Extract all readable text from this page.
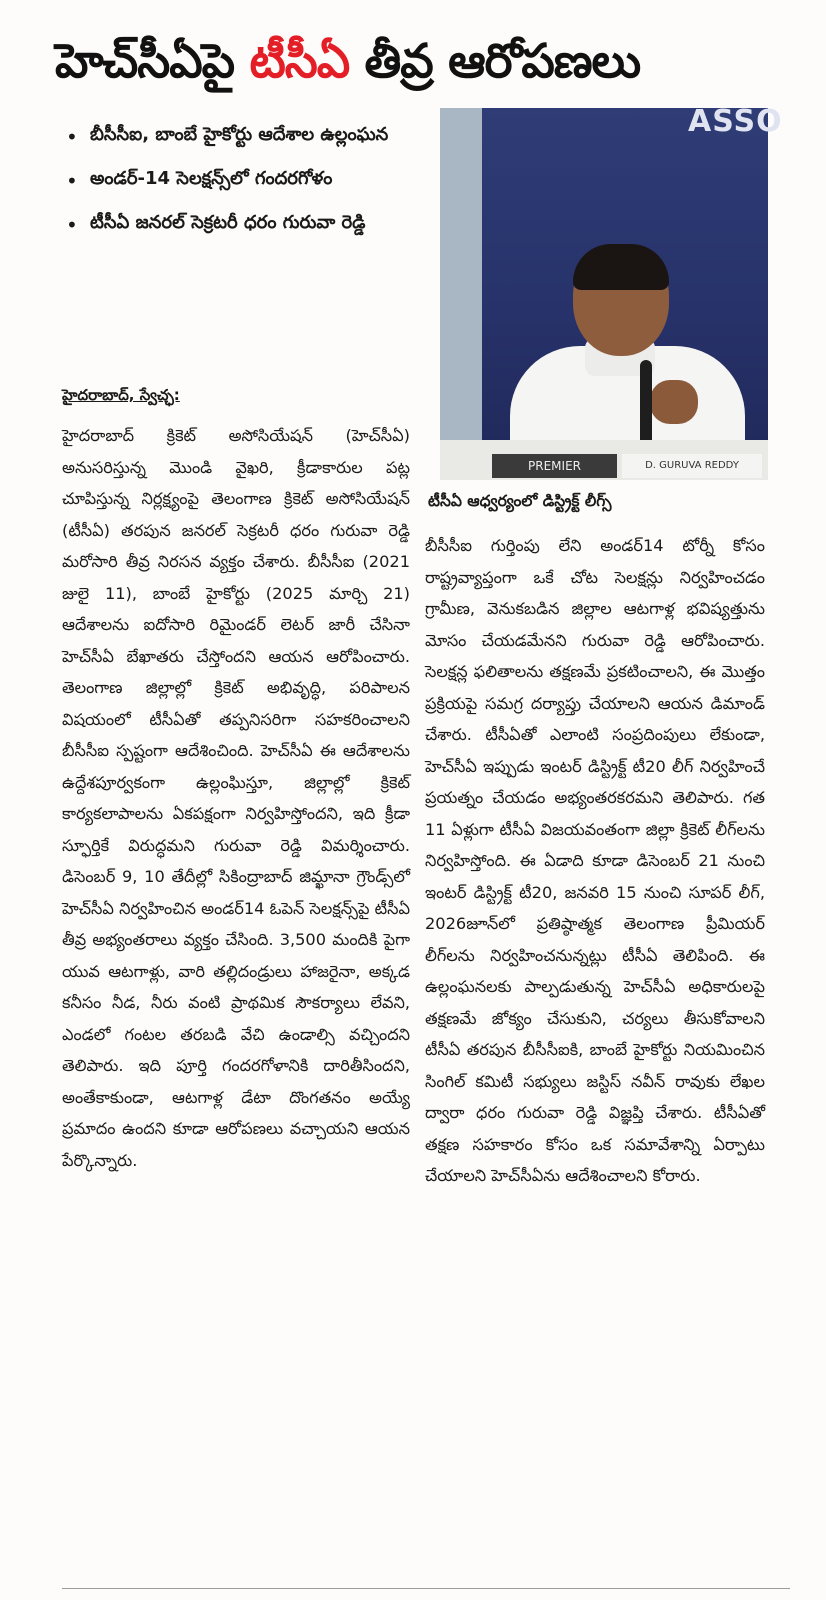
హెచ్‌సీఏపై టీసీఏ తీవ్ర ఆరోపణలు
• బీసీసీఐ, బాంబే హైకోర్టు ఆదేశాల ఉల్లంఘన
• అండర్-14 సెలక్షన్స్‌లో గందరగోళం
• టీసీఏ జనరల్ సెక్రటరీ ధరం గురువా రెడ్డి
ASSO
PREMIER	D. GURUVA REDDY
హైదరాబాద్, స్వేచ్ఛ:

హైదరాబాద్ క్రికెట్ అసోసియేషన్ (హెచ్‌సీఏ) అనుసరిస్తున్న మొండి వైఖరి, క్రీడాకారుల పట్ల చూపిస్తున్న నిర్లక్ష్యంపై తెలంగాణ క్రికెట్ అసోసియేషన్ (టీసీఏ) తరపున జనరల్ సెక్రటరీ ధరం గురువా రెడ్డి మరోసారి తీవ్ర నిరసన వ్యక్తం చేశారు. బీసీసీఐ (2021 జులై 11), బాంబే హైకోర్టు (2025 మార్చి 21) ఆదేశాలను ఐదోసారి రిమైండర్ లెటర్ జారీ చేసినా హెచ్‌సీఏ బేఖాతరు చేస్తోందని ఆయన ఆరోపించారు. తెలంగాణ జిల్లాల్లో క్రికెట్ అభివృద్ధి, పరిపాలన విషయంలో టీసీఏతో తప్పనిసరిగా సహకరించాలని బీసీసీఐ స్పష్టంగా ఆదేశించింది. హెచ్‌సీఏ ఈ ఆదేశాలను ఉద్దేశపూర్వకంగా ఉల్లంఘిస్తూ, జిల్లాల్లో క్రికెట్ కార్యకలాపాలను ఏకపక్షంగా నిర్వహిస్తోందని, ఇది క్రీడా స్ఫూర్తికే విరుద్ధమని గురువా రెడ్డి విమర్శించారు. డిసెంబర్ 9, 10 తేదీల్లో సికింద్రాబాద్ జిమ్ఖానా గ్రౌండ్స్‌లో హెచ్‌సీఏ నిర్వహించిన అండర్14 ఓపెన్ సెలక్షన్స్‌పై టీసీఏ తీవ్ర అభ్యంతరాలు వ్యక్తం చేసింది. 3,500 మందికి పైగా యువ ఆటగాళ్లు, వారి తల్లిదండ్రులు హాజరైనా, అక్కడ కనీసం నీడ, నీరు వంటి ప్రాథమిక సౌకర్యాలు లేవని, ఎండలో గంటల తరబడి వేచి ఉండాల్సి వచ్చిందని తెలిపారు. ఇది పూర్తి గందరగోళానికి దారితీసిందని, అంతేకాకుండా, ఆటగాళ్ల డేటా దొంగతనం అయ్యే ప్రమాదం ఉందని కూడా ఆరోపణలు వచ్చాయని ఆయన పేర్కొన్నారు.

టీసీఏ ఆధ్వర్యంలో డిస్ట్రిక్ట్ లీగ్స్

బీసీసీఐ గుర్తింపు లేని అండర్14 టోర్నీ కోసం రాష్ట్రవ్యాప్తంగా ఒకే చోట సెలక్షన్లు నిర్వహించడం గ్రామీణ, వెనుకబడిన జిల్లాల ఆటగాళ్ల భవిష్యత్తును మోసం చేయడమేనని గురువా రెడ్డి ఆరోపించారు. సెలక్షన్ల ఫలితాలను తక్షణమే ప్రకటించాలని, ఈ మొత్తం ప్రక్రియపై సమగ్ర దర్యాప్తు చేయాలని ఆయన డిమాండ్ చేశారు. టీసీఏతో ఎలాంటి సంప్రదింపులు లేకుండా, హెచ్‌సీఏ ఇప్పుడు ఇంటర్ డిస్ట్రిక్ట్ టీ20 లీగ్ నిర్వహించే ప్రయత్నం చేయడం అభ్యంతరకరమని తెలిపారు. గత 11 ఏళ్లుగా టీసీఏ విజయవంతంగా జిల్లా క్రికెట్ లీగ్‌లను నిర్వహిస్తోంది. ఈ ఏడాది కూడా డిసెంబర్ 21 నుంచి ఇంటర్ డిస్ట్రిక్ట్ టీ20, జనవరి 15 నుంచి సూపర్ లీగ్, 2026జూన్‌లో ప్రతిష్ఠాత్మక తెలంగాణ ప్రీమియర్ లీగ్‌లను నిర్వహించనున్నట్లు టీసీఏ తెలిపింది. ఈ ఉల్లంఘనలకు పాల్పడుతున్న హెచ్‌సీఏ అధికారులపై తక్షణమే జోక్యం చేసుకుని, చర్యలు తీసుకోవాలని టీసీఏ తరపున బీసీసీఐకి, బాంబే హైకోర్టు నియమించిన సింగిల్ కమిటీ సభ్యులు జస్టిస్ నవీన్ రావుకు లేఖల ద్వారా ధరం గురువా రెడ్డి విజ్ఞప్తి చేశారు. టీసీఏతో తక్షణ సహకారం కోసం ఒక సమావేశాన్ని ఏర్పాటు చేయాలని హెచ్‌సీఏను ఆదేశించాలని కోరారు.
